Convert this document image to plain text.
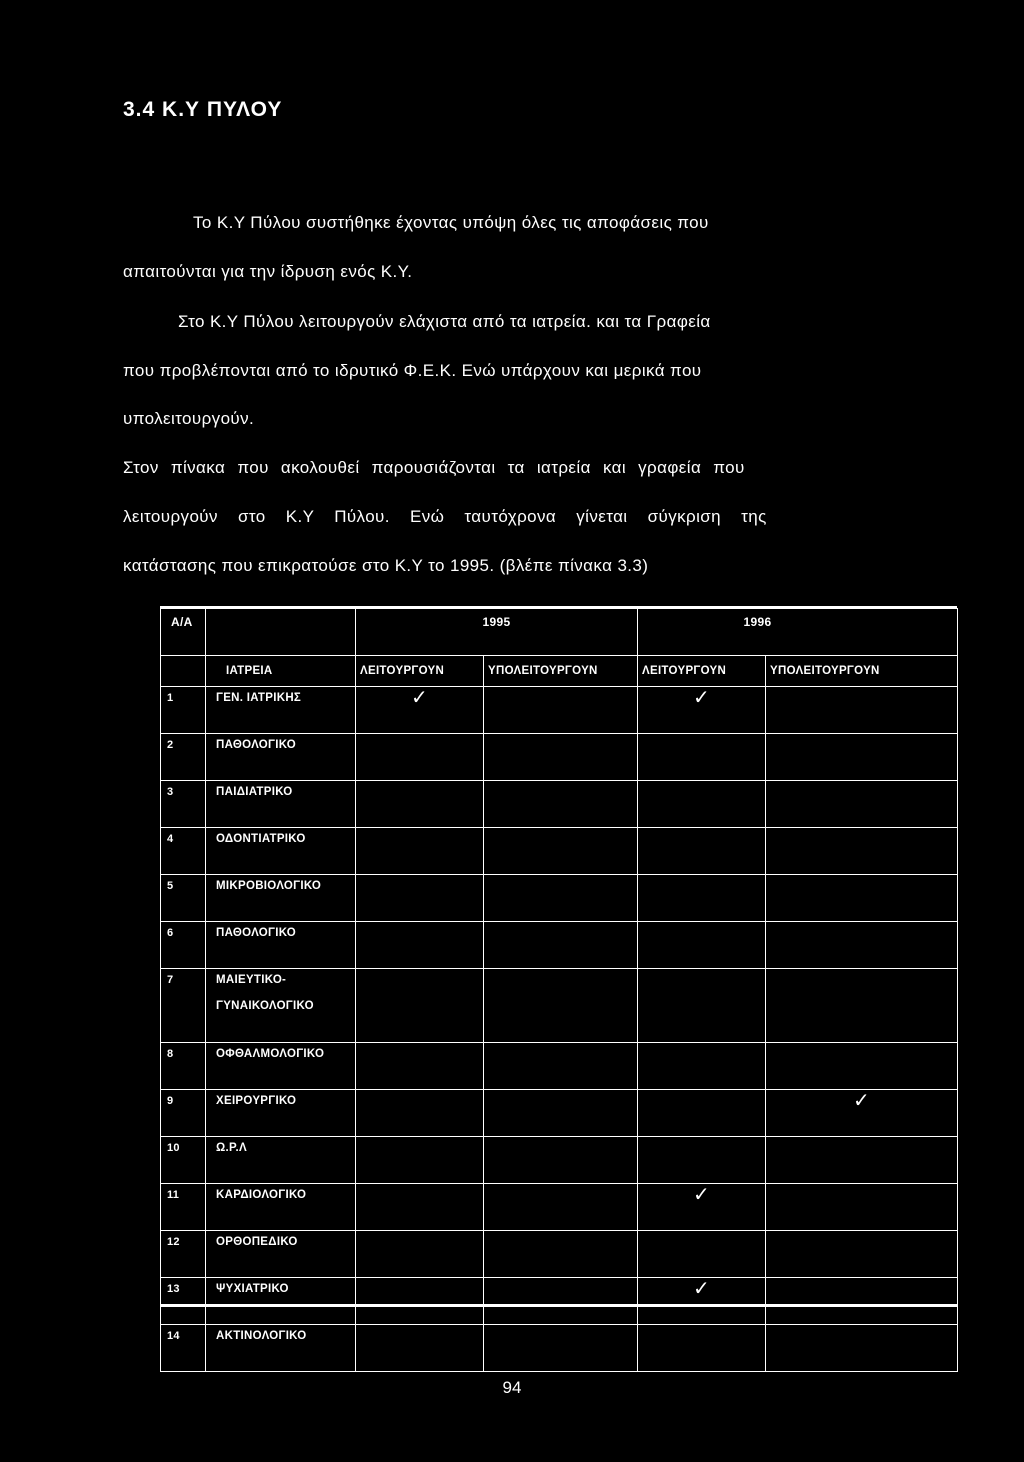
3.4 Κ.Υ ΠΥΛΟΥ
Το Κ.Υ Πύλου συστήθηκε έχοντας υπόψη όλες τις αποφάσεις που
απαιτούνται για την ίδρυση ενός Κ.Υ.
Στο Κ.Υ Πύλου λειτουργούν ελάχιστα από τα ιατρεία. και τα Γραφεία
που προβλέπονται από το ιδρυτικό Φ.Ε.Κ. Ενώ υπάρχουν και μερικά που
υπολειτουργούν.
Στον πίνακα που ακολουθεί παρουσιάζονται τα ιατρεία και γραφεία που
λειτουργούν στο Κ.Υ Πύλου. Ενώ ταυτόχρονα γίνεται σύγκριση της
κατάστασης που επικρατούσε στο Κ.Υ το 1995. (βλέπε πίνακα 3.3)
Α/Α		1995		1996	
	ΙΑΤΡΕΙΑ	ΛΕΙΤΟΥΡΓΟΥΝ	ΥΠΟΛΕΙΤΟΥΡΓΟΥΝ	ΛΕΙΤΟΥΡΓΟΥΝ	ΥΠΟΛΕΙΤΟΥΡΓΟΥΝ
1	ΓΕΝ. ΙΑΤΡΙΚΗΣ	✓		✓	
2	ΠΑΘΟΛΟΓΙΚΟ				
3	ΠΑΙΔΙΑΤΡΙΚΟ				
4	ΟΔΟΝΤΙΑΤΡΙΚΟ				
5	ΜΙΚΡΟΒΙΟΛΟΓΙΚΟ				
6	ΠΑΘΟΛΟΓΙΚΟ				
7	ΜΑΙΕΥΤΙΚΟ-
ΓΥΝΑΙΚΟΛΟΓΙΚΟ				

8	ΟΦΘΑΛΜΟΛΟΓΙΚΟ				
9	ΧΕΙΡΟΥΡΓΙΚΟ				✓
10	Ω.Ρ.Λ				
11	ΚΑΡΔΙΟΛΟΓΙΚΟ			✓	
12	ΟΡΘΟΠΕΔΙΚΟ				
13	ΨΥΧΙΑΤΡΙΚΟ			✓	
14	ΑΚΤΙΝΟΛΟΓΙΚΟ				
94
